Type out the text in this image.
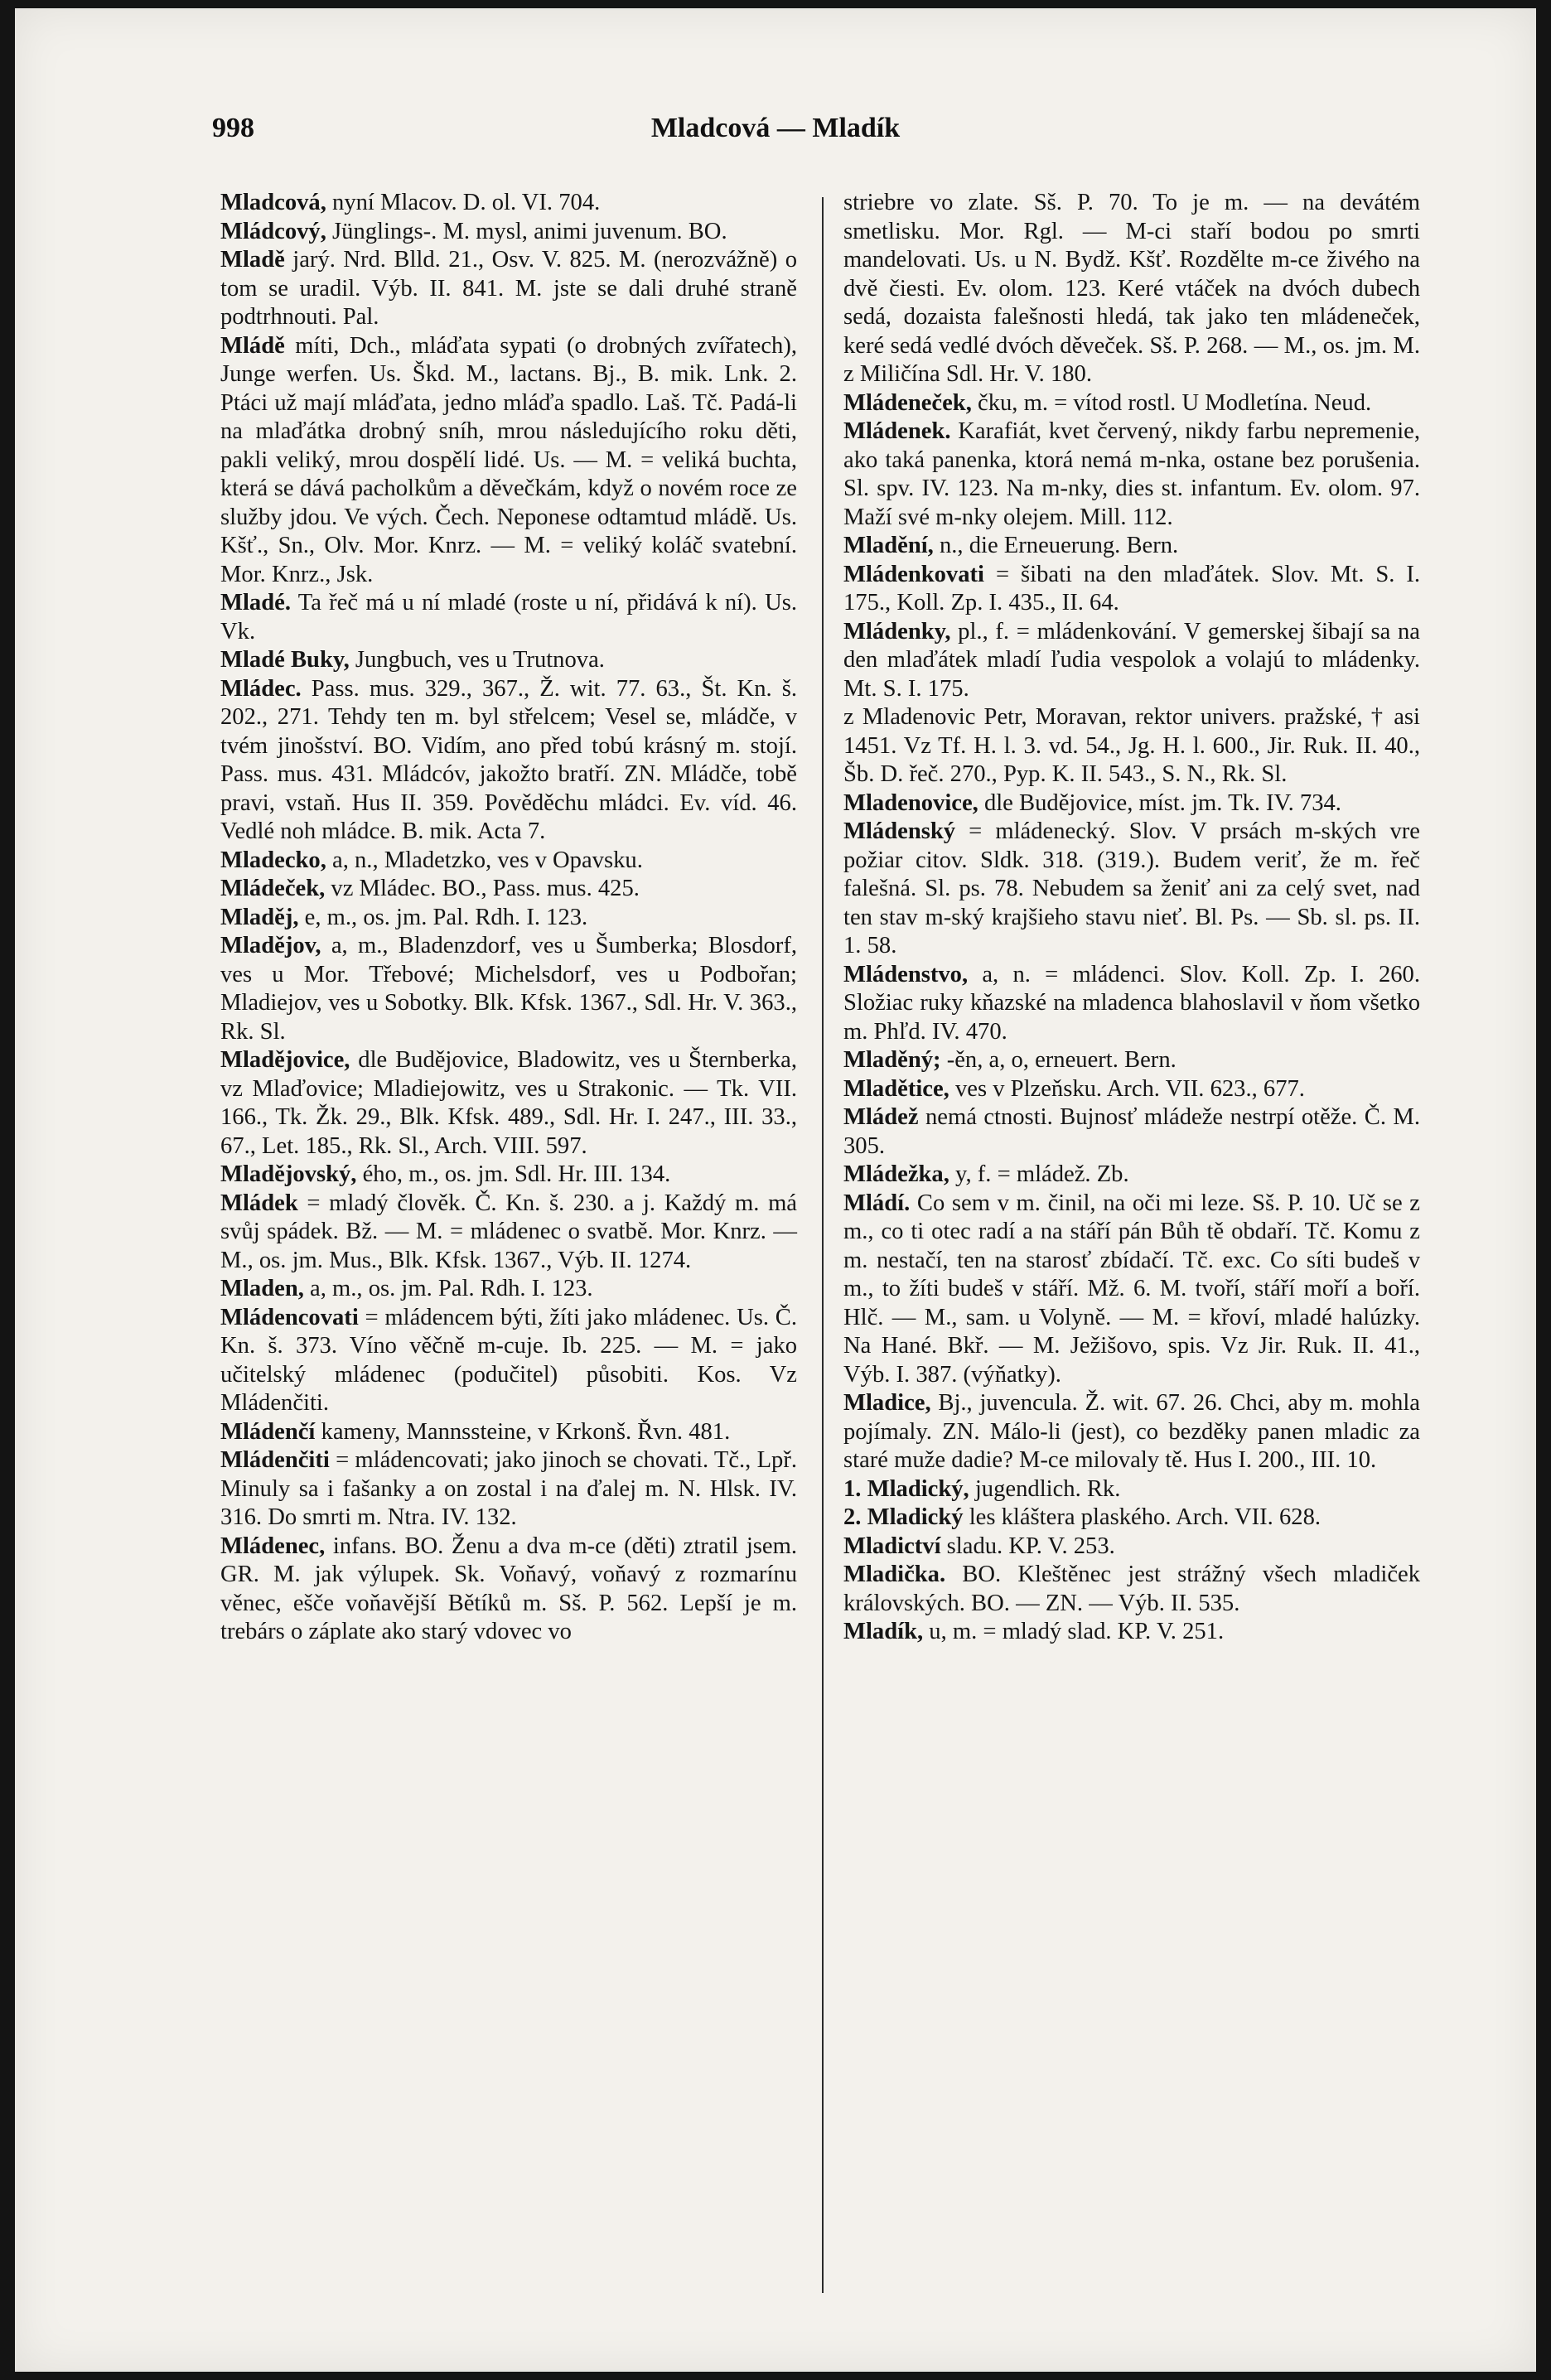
998	Mladcová — Mladík

Mladcová, nyní Mlacov. D. ol. VI. 704.

Mládcový, Jünglings-. M. mysl, animi juvenum. BO.

Mladě jarý. Nrd. Blld. 21., Osv. V. 825. M. (nerozvážně) o tom se uradil. Výb. II. 841. M. jste se dali druhé straně podtrhnouti. Pal.

Mládě míti, Dch., mláďata sypati (o drobných zvířatech), Junge werfen. Us. Škd. M., lactans. Bj., B. mik. Lnk. 2. Ptáci už mají mláďata, jedno mláďa spadlo. Laš. Tč. Padá-li na mlaďátka drobný sníh, mrou následujícího roku děti, pakli veliký, mrou dospělí lidé. Us. — M. = veliká buchta, která se dává pacholkům a děvečkám, když o novém roce ze služby jdou. Ve vých. Čech. Neponese odtamtud mládě. Us. Kšť., Sn., Olv. Mor. Knrz. — M. = veliký koláč svatební. Mor. Knrz., Jsk.

Mladé. Ta řeč má u ní mladé (roste u ní, přidává k ní). Us. Vk.

Mladé Buky, Jungbuch, ves u Trutnova.

Mládec. Pass. mus. 329., 367., Ž. wit. 77. 63., Št. Kn. š. 202., 271. Tehdy ten m. byl střelcem; Vesel se, mládče, v tvém jinošství. BO. Vidím, ano před tobú krásný m. stojí. Pass. mus. 431. Mládcóv, jakožto bratří. ZN. Mládče, tobě pravi, vstaň. Hus II. 359. Pověděchu mládci. Ev. víd. 46. Vedlé noh mládce. B. mik. Acta 7.

Mladecko, a, n., Mladetzko, ves v Opavsku.

Mládeček, vz Mládec. BO., Pass. mus. 425.

Mladěj, e, m., os. jm. Pal. Rdh. I. 123.

Mladějov, a, m., Bladenzdorf, ves u Šumberka; Blosdorf, ves u Mor. Třebové; Michelsdorf, ves u Podbořan; Mladiejov, ves u Sobotky. Blk. Kfsk. 1367., Sdl. Hr. V. 363., Rk. Sl.

Mladějovice, dle Budějovice, Bladowitz, ves u Šternberka, vz Mlaďovice; Mladiejowitz, ves u Strakonic. — Tk. VII. 166., Tk. Žk. 29., Blk. Kfsk. 489., Sdl. Hr. I. 247., III. 33., 67., Let. 185., Rk. Sl., Arch. VIII. 597.

Mladějovský, ého, m., os. jm. Sdl. Hr. III. 134.

Mládek = mladý člověk. Č. Kn. š. 230. a j. Každý m. má svůj spádek. Bž. — M. = mládenec o svatbě. Mor. Knrz. — M., os. jm. Mus., Blk. Kfsk. 1367., Výb. II. 1274.

Mladen, a, m., os. jm. Pal. Rdh. I. 123.

Mládencovati = mládencem býti, žíti jako mládenec. Us. Č. Kn. š. 373. Víno věčně m-cuje. Ib. 225. — M. = jako učitelský mládenec (podučitel) působiti. Kos. Vz Mládenčiti.

Mládenčí kameny, Mannssteine, v Krkonš. Řvn. 481.

Mládenčiti = mládencovati; jako jinoch se chovati. Tč., Lpř. Minuly sa i fašanky a on zostal i na ďalej m. N. Hlsk. IV. 316. Do smrti m. Ntra. IV. 132.

Mládenec, infans. BO. Ženu a dva m-ce (děti) ztratil jsem. GR. M. jak výlupek. Sk. Voňavý, voňavý z rozmarínu věnec, ešče voňavější Bětíků m. Sš. P. 562. Lepší je m. trebárs o záplate ako starý vdovec vo

striebre vo zlate. Sš. P. 70. To je m. — na devátém smetlisku. Mor. Rgl. — M-ci staří bodou po smrti mandelovati. Us. u N. Bydž. Kšť. Rozdělte m-ce živého na dvě čiesti. Ev. olom. 123. Keré vtáček na dvóch dubech sedá, dozaista falešnosti hledá, tak jako ten mládeneček, keré sedá vedlé dvóch děveček. Sš. P. 268. — M., os. jm. M. z Miličína Sdl. Hr. V. 180.

Mládeneček, čku, m. = vítod rostl. U Modletína. Neud.

Mládenek. Karafiát, kvet červený, nikdy farbu nepremenie, ako taká panenka, ktorá nemá m-nka, ostane bez porušenia. Sl. spv. IV. 123. Na m-nky, dies st. infantum. Ev. olom. 97. Maží své m-nky olejem. Mill. 112.

Mladění, n., die Erneuerung. Bern.

Mládenkovati = šibati na den mlaďátek. Slov. Mt. S. I. 175., Koll. Zp. I. 435., II. 64.

Mládenky, pl., f. = mládenkování. V gemerskej šibají sa na den mlaďátek mladí ľudia vespolok a volajú to mládenky. Mt. S. I. 175.

z Mladenovic Petr, Moravan, rektor univers. pražské, † asi 1451. Vz Tf. H. l. 3. vd. 54., Jg. H. l. 600., Jir. Ruk. II. 40., Šb. D. řeč. 270., Pyp. K. II. 543., S. N., Rk. Sl.

Mladenovice, dle Budějovice, míst. jm. Tk. IV. 734.

Mládenský = mládenecký. Slov. V prsách m-ských vre požiar citov. Sldk. 318. (319.). Budem veriť, že m. řeč falešná. Sl. ps. 78. Nebudem sa ženiť ani za celý svet, nad ten stav m-ský krajšieho stavu nieť. Bl. Ps. — Sb. sl. ps. II. 1. 58.

Mládenstvo, a, n. = mládenci. Slov. Koll. Zp. I. 260. Složiac ruky kňazské na mladenca blahoslavil v ňom všetko m. Phľd. IV. 470.

Mladěný; -ěn, a, o, erneuert. Bern.

Mladětice, ves v Plzeňsku. Arch. VII. 623., 677.

Mládež nemá ctnosti. Bujnosť mládeže nestrpí otěže. Č. M. 305.

Mládežka, y, f. = mládež. Zb.

Mládí. Co sem v m. činil, na oči mi leze. Sš. P. 10. Uč se z m., co ti otec radí a na stáří pán Bůh tě obdaří. Tč. Komu z m. nestačí, ten na starosť zbídačí. Tč. exc. Co síti budeš v m., to žíti budeš v stáří. Mž. 6. M. tvoří, stáří moří a boří. Hlč. — M., sam. u Volyně. — M. = křoví, mladé halúzky. Na Hané. Bkř. — M. Ježišovo, spis. Vz Jir. Ruk. II. 41., Výb. I. 387. (výňatky).

Mladice, Bj., juvencula. Ž. wit. 67. 26. Chci, aby m. mohla pojímaly. ZN. Málo-li (jest), co bezděky panen mladic za staré muže dadie? M-ce milovaly tě. Hus I. 200., III. 10.

1. Mladický, jugendlich. Rk.

2. Mladický les kláštera plaského. Arch. VII. 628.

Mladictví sladu. KP. V. 253.

Mladička. BO. Kleštěnec jest strážný všech mladiček královských. BO. — ZN. — Výb. II. 535.

Mladík, u, m. = mladý slad. KP. V. 251.
